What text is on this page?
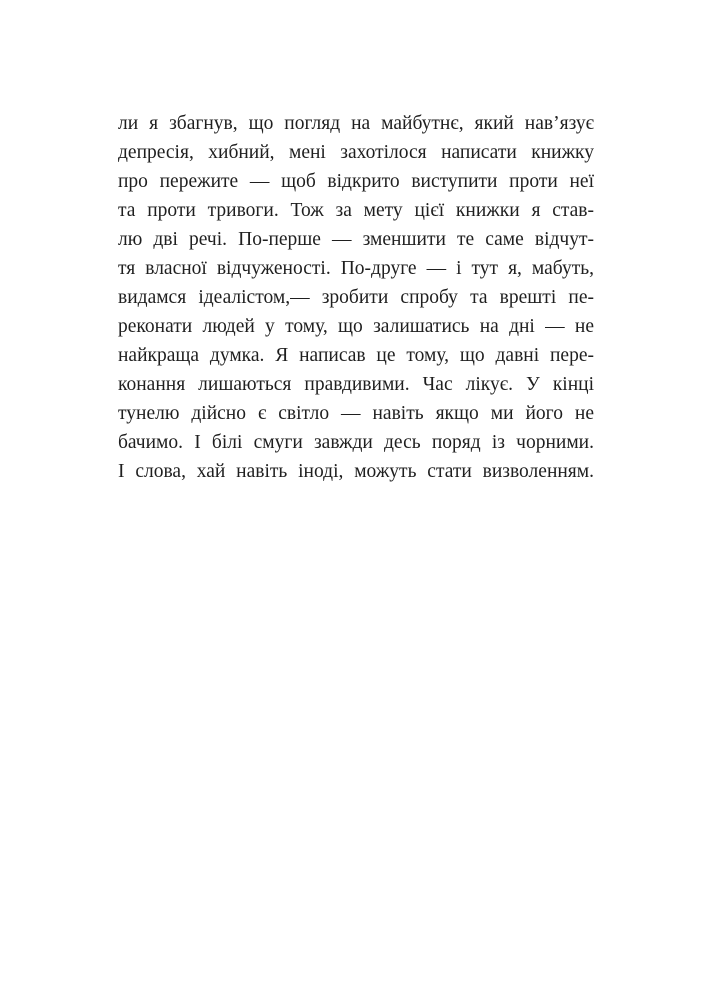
ли я збагнув, що погляд на майбутнє, який нав’язує
депресія, хибний, мені захотілося написати книжку
про пережите — щоб відкрито виступити проти неї
та проти тривоги. Тож за мету цієї книжки я став-
лю дві речі. По-перше — зменшити те саме відчут-
тя власної відчуженості. По-друге — і тут я, мабуть,
видамся ідеалістом,— зробити спробу та врешті пе-
реконати людей у тому, що залишатись на дні — не
найкраща думка. Я написав це тому, що давні пере-
конання лишаються правдивими. Час лікує. У кінці
тунелю дійсно є світло — навіть якщо ми його не
бачимо. І білі смуги завжди десь поряд із чорними.
І слова, хай навіть іноді, можуть стати визволенням.
